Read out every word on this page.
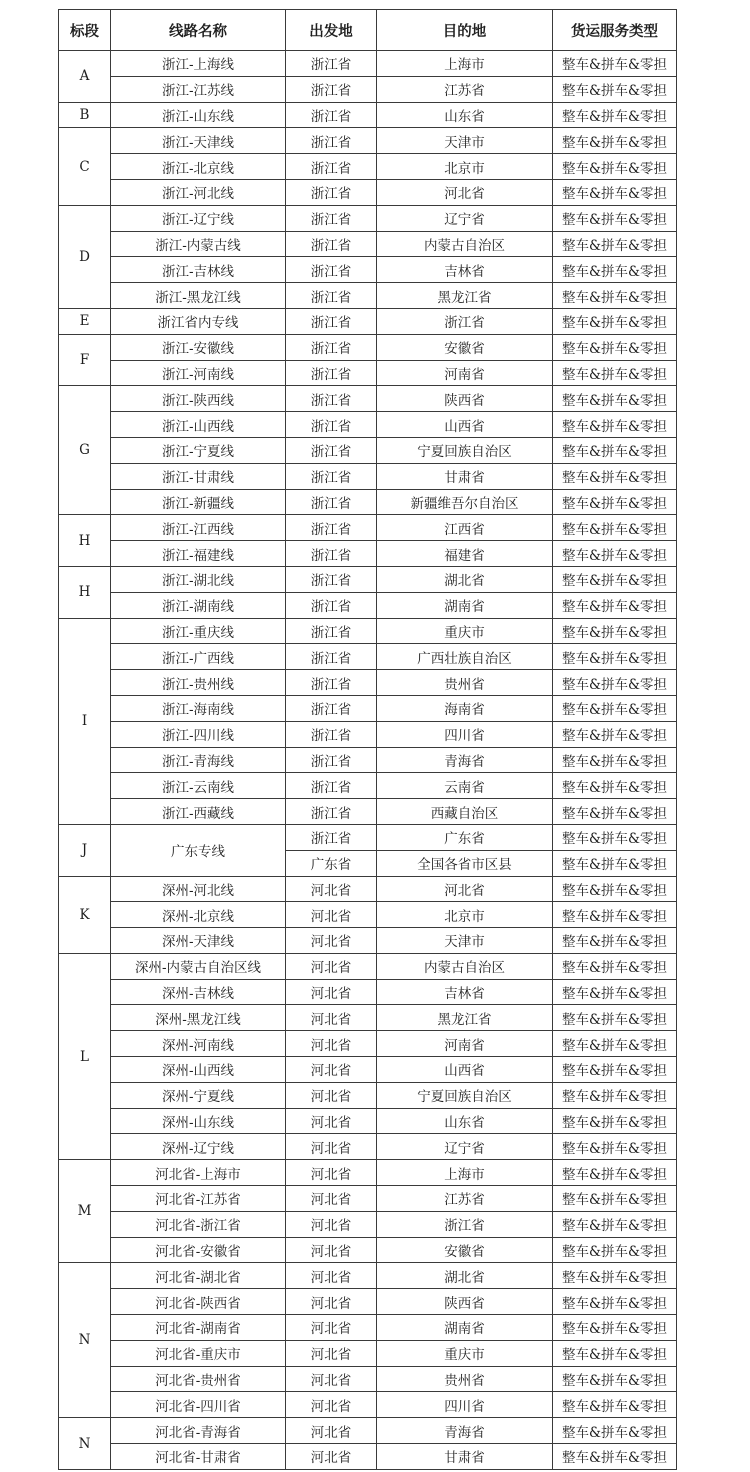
标段	线路名称	出发地	目的地	货运服务类型
A	浙江-上海线	浙江省	上海市	整车&拼车&零担
	浙江-江苏线	浙江省	江苏省	整车&拼车&零担
B	浙江-山东线	浙江省	山东省	整车&拼车&零担
C	浙江-天津线	浙江省	天津市	整车&拼车&零担
	浙江-北京线	浙江省	北京市	整车&拼车&零担
	浙江-河北线	浙江省	河北省	整车&拼车&零担
D	浙江-辽宁线	浙江省	辽宁省	整车&拼车&零担
	浙江-内蒙古线	浙江省	内蒙古自治区	整车&拼车&零担
	浙江-吉林线	浙江省	吉林省	整车&拼车&零担
	浙江-黑龙江线	浙江省	黑龙江省	整车&拼车&零担
E	浙江省内专线	浙江省	浙江省	整车&拼车&零担
F	浙江-安徽线	浙江省	安徽省	整车&拼车&零担
	浙江-河南线	浙江省	河南省	整车&拼车&零担
G	浙江-陕西线	浙江省	陕西省	整车&拼车&零担
	浙江-山西线	浙江省	山西省	整车&拼车&零担
	浙江-宁夏线	浙江省	宁夏回族自治区	整车&拼车&零担
	浙江-甘肃线	浙江省	甘肃省	整车&拼车&零担
	浙江-新疆线	浙江省	新疆维吾尔自治区	整车&拼车&零担
H	浙江-江西线	浙江省	江西省	整车&拼车&零担
	浙江-福建线	浙江省	福建省	整车&拼车&零担
H	浙江-湖北线	浙江省	湖北省	整车&拼车&零担
	浙江-湖南线	浙江省	湖南省	整车&拼车&零担
I	浙江-重庆线	浙江省	重庆市	整车&拼车&零担
	浙江-广西线	浙江省	广西壮族自治区	整车&拼车&零担
	浙江-贵州线	浙江省	贵州省	整车&拼车&零担
	浙江-海南线	浙江省	海南省	整车&拼车&零担
	浙江-四川线	浙江省	四川省	整车&拼车&零担
	浙江-青海线	浙江省	青海省	整车&拼车&零担
	浙江-云南线	浙江省	云南省	整车&拼车&零担
	浙江-西藏线	浙江省	西藏自治区	整车&拼车&零担
J	广东专线	浙江省	广东省	整车&拼车&零担
		广东省	全国各省市区县	整车&拼车&零担
K	深州-河北线	河北省	河北省	整车&拼车&零担
	深州-北京线	河北省	北京市	整车&拼车&零担
	深州-天津线	河北省	天津市	整车&拼车&零担
L	深州-内蒙古自治区线	河北省	内蒙古自治区	整车&拼车&零担
	深州-吉林线	河北省	吉林省	整车&拼车&零担
	深州-黑龙江线	河北省	黑龙江省	整车&拼车&零担
	深州-河南线	河北省	河南省	整车&拼车&零担
	深州-山西线	河北省	山西省	整车&拼车&零担
	深州-宁夏线	河北省	宁夏回族自治区	整车&拼车&零担
	深州-山东线	河北省	山东省	整车&拼车&零担
	深州-辽宁线	河北省	辽宁省	整车&拼车&零担
M	河北省-上海市	河北省	上海市	整车&拼车&零担
	河北省-江苏省	河北省	江苏省	整车&拼车&零担
	河北省-浙江省	河北省	浙江省	整车&拼车&零担
	河北省-安徽省	河北省	安徽省	整车&拼车&零担
N	河北省-湖北省	河北省	湖北省	整车&拼车&零担
	河北省-陕西省	河北省	陕西省	整车&拼车&零担
	河北省-湖南省	河北省	湖南省	整车&拼车&零担
	河北省-重庆市	河北省	重庆市	整车&拼车&零担
	河北省-贵州省	河北省	贵州省	整车&拼车&零担
	河北省-四川省	河北省	四川省	整车&拼车&零担
N	河北省-青海省	河北省	青海省	整车&拼车&零担
	河北省-甘肃省	河北省	甘肃省	整车&拼车&零担
